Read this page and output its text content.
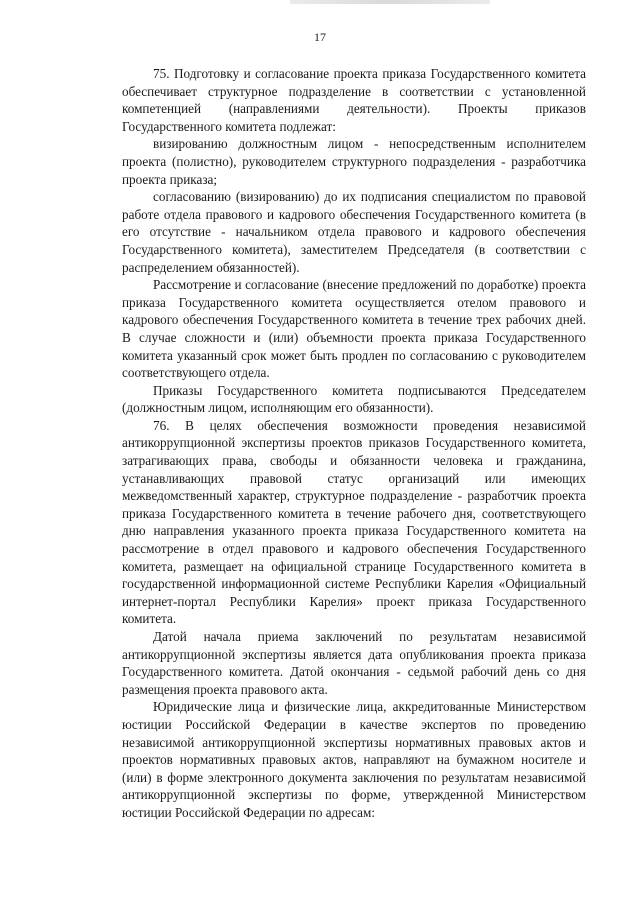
17

75. Подготовку и согласование проекта приказа Государственного комитета обеспечивает структурное подразделение в соответствии с установленной компетенцией (направлениями деятельности). Проекты приказов Государственного комитета подлежат:

визированию должностным лицом - непосредственным исполнителем проекта (полистно), руководителем структурного подразделения - разработчика проекта приказа;

согласованию (визированию) до их подписания специалистом по правовой работе отдела правового и кадрового обеспечения Государственного комитета (в его отсутствие - начальником отдела правового и кадрового обеспечения Государственного комитета), заместителем Председателя (в соответствии с распределением обязанностей).

Рассмотрение и согласование (внесение предложений по доработке) проекта приказа Государственного комитета осуществляется отелом правового и кадрового обеспечения Государственного комитета в течение трех рабочих дней. В случае сложности и (или) объемности проекта приказа Государственного комитета указанный срок может быть продлен по согласованию с руководителем соответствующего отдела.

Приказы Государственного комитета подписываются Председателем (должностным лицом, исполняющим его обязанности).

76. В целях обеспечения возможности проведения независимой антикоррупционной экспертизы проектов приказов Государственного комитета, затрагивающих права, свободы и обязанности человека и гражданина, устанавливающих правовой статус организаций или имеющих межведомственный характер, структурное подразделение - разработчик проекта приказа Государственного комитета в течение рабочего дня, соответствующего дню направления указанного проекта приказа Государственного комитета на рассмотрение в отдел правового и кадрового обеспечения Государственного комитета, размещает на официальной странице Государственного комитета в государственной информационной системе Республики Карелия «Официальный интернет-портал Республики Карелия» проект приказа Государственного комитета.

Датой начала приема заключений по результатам независимой антикоррупционной экспертизы является дата опубликования проекта приказа Государственного комитета. Датой окончания - седьмой рабочий день со дня размещения проекта правового акта.

Юридические лица и физические лица, аккредитованные Министерством юстиции Российской Федерации в качестве экспертов по проведению независимой антикоррупционной экспертизы нормативных правовых актов и проектов нормативных правовых актов, направляют на бумажном носителе и (или) в форме электронного документа заключения по результатам независимой антикоррупционной экспертизы по форме, утвержденной Министерством юстиции Российской Федерации по адресам:
